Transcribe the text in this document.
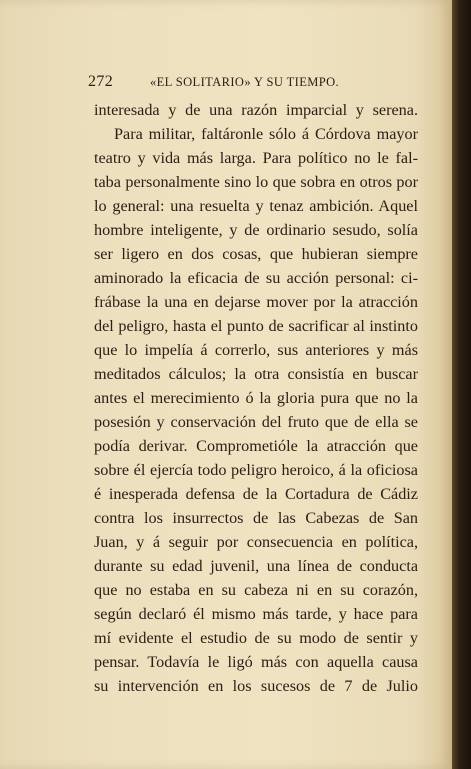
272	«EL SOLITARIO» Y SU TIEMPO.
interesada y de una razón imparcial y serena.
Para militar, faltáronle sólo á Córdova mayor
teatro y vida más larga. Para político no le fal-
taba personalmente sino lo que sobra en otros por
lo general: una resuelta y tenaz ambición. Aquel
hombre inteligente, y de ordinario sesudo, solía
ser ligero en dos cosas, que hubieran siempre
aminorado la eficacia de su acción personal: ci-
frábase la una en dejarse mover por la atracción
del peligro, hasta el punto de sacrificar al instinto
que lo impelía á correrlo, sus anteriores y más
meditados cálculos; la otra consistía en buscar
antes el merecimiento ó la gloria pura que no la
posesión y conservación del fruto que de ella se
podía derivar. Comprometióle la atracción que
sobre él ejercía todo peligro heroico, á la oficiosa
é inesperada defensa de la Cortadura de Cádiz
contra los insurrectos de las Cabezas de San
Juan, y á seguir por consecuencia en política,
durante su edad juvenil, una línea de conducta
que no estaba en su cabeza ni en su corazón,
según declaró él mismo más tarde, y hace para
mí evidente el estudio de su modo de sentir y
pensar. Todavía le ligó más con aquella causa
su intervención en los sucesos de 7 de Julio
